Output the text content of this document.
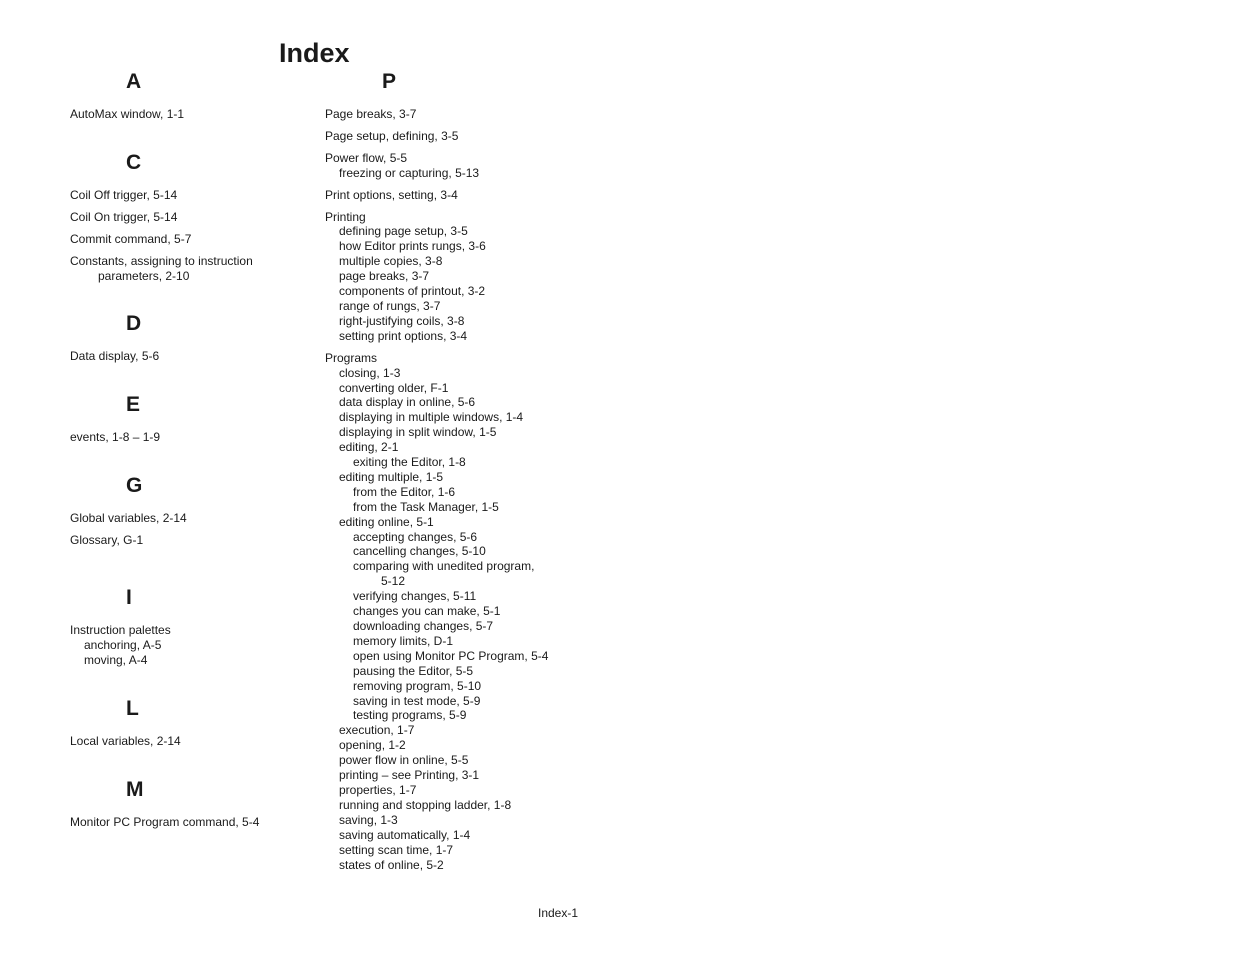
Index
A

AutoMax window, 1-1

C

Coil Off trigger, 5-14

Coil On trigger, 5-14

Commit command, 5-7

Constants, assigning to instruction

parameters, 2-10

D

Data display, 5-6

E

events, 1-8 – 1-9

G

Global variables, 2-14

Glossary, G-1

I

Instruction palettes

anchoring, A-5

moving, A-4

L

Local variables, 2-14

M

Monitor PC Program command, 5-4

P

Page breaks, 3-7

Page setup, defining, 3-5

Power flow, 5-5

freezing or capturing, 5-13

Print options, setting, 3-4

Printing

defining page setup, 3-5

how Editor prints rungs, 3-6

multiple copies, 3-8

page breaks, 3-7

components of printout, 3-2

range of rungs, 3-7

right-justifying coils, 3-8

setting print options, 3-4

Programs

closing, 1-3

converting older, F-1

data display in online, 5-6

displaying in multiple windows, 1-4

displaying in split window, 1-5

editing, 2-1

exiting the Editor, 1-8

editing multiple, 1-5

from the Editor, 1-6

from the Task Manager, 1-5

editing online, 5-1

accepting changes, 5-6

cancelling changes, 5-10

comparing with unedited program,

5-12

verifying changes, 5-11

changes you can make, 5-1

downloading changes, 5-7

memory limits, D-1

open using Monitor PC Program, 5-4

pausing the Editor, 5-5

removing program, 5-10

saving in test mode, 5-9

testing programs, 5-9

execution, 1-7

opening, 1-2

power flow in online, 5-5

printing – see Printing, 3-1

properties, 1-7

running and stopping ladder, 1-8

saving, 1-3

saving automatically, 1-4

setting scan time, 1-7

states of online, 5-2

Index-1
